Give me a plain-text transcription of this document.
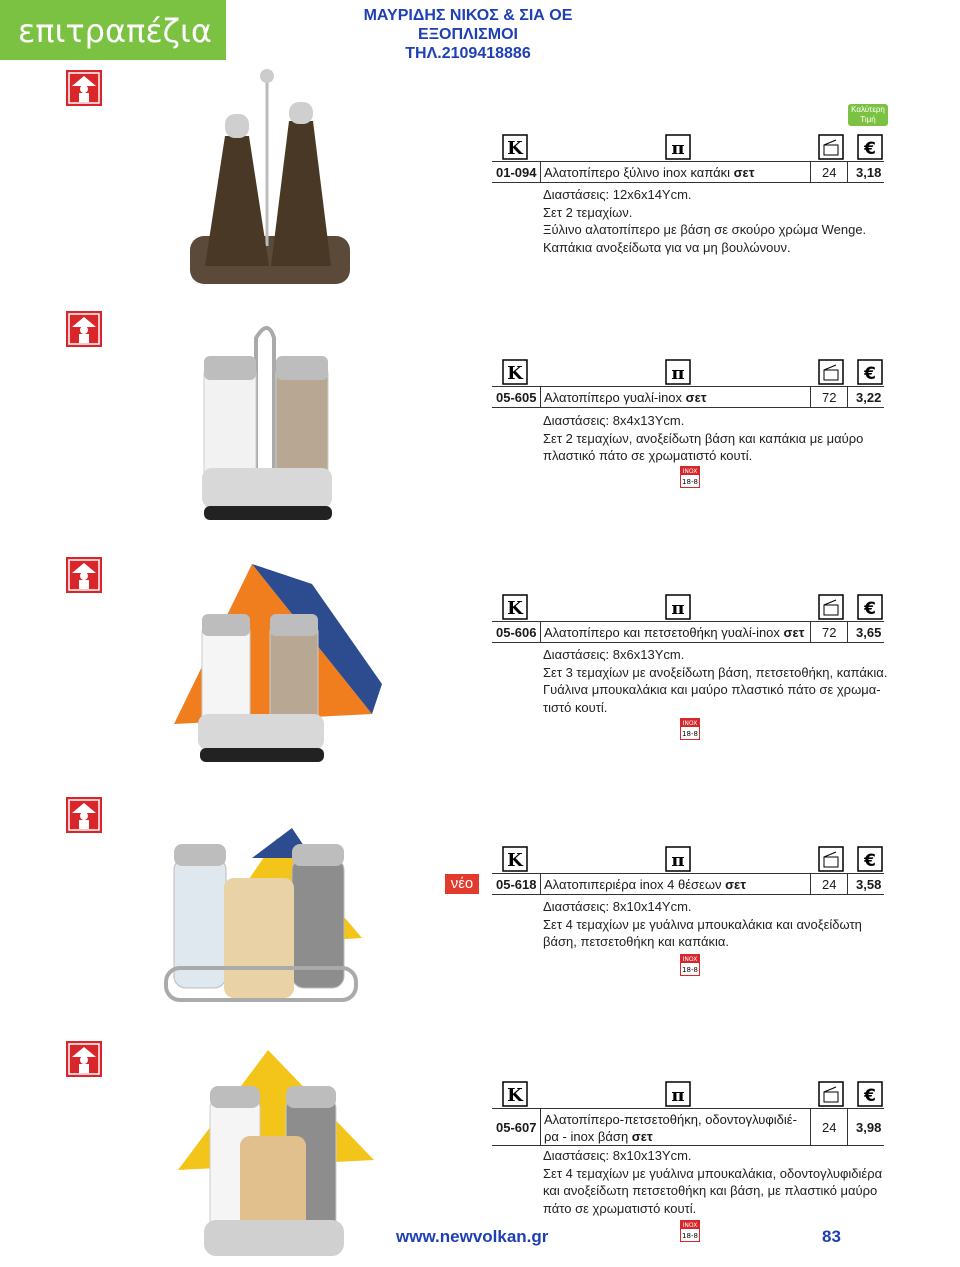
επιτραπέζια	ΜΑΥΡΙΔΗΣ ΝΙΚΟΣ & ΣΙΑ ΟΕ
ΕΞΟΠΛΙΣΜΟΙ
ΤΗΛ.2109418886
Καλύτερη
Τιμή
K	π	€
01-094 Αλατοπίπερο ξύλινο inox καπάκι σετ	24 3,18
Διαστάσεις: 12x6x14Υcm.
Σετ 2 τεμαχίων.
Ξύλινο αλατοπίπερο με βάση σε σκούρο χρώμα Wenge.
Καπάκια ανοξείδωτα για να μη βουλώνουν.
K	π	€
05-605 Αλατοπίπερο γυαλί-inox σετ	72 3,22
Διαστάσεις: 8x4x13Υcm.
Σετ 2 τεμαχίων, ανοξείδωτη βάση και καπάκια με μαύρο
πλαστικό πάτο σε χρωματιστό κουτί.
INOX
18-8
K	π	€
05-606 Αλατοπίπερο και πετσετοθήκη γυαλί-inox σετ 72 3,65
Διαστάσεις: 8x6x13Υcm.
Σετ 3 τεμαχίων με ανοξείδωτη βάση, πετσετοθήκη, καπάκια.
Γυάλινα μπουκαλάκια και μαύρο πλαστικό πάτο σε χρωμα-
τιστό κουτί.
INOX
18-8
νέο
K	π	€
05-618 Αλατοπιπεριέρα inox 4 θέσεων σετ	24 3,58
Διαστάσεις: 8x10x14Υcm.
Σετ 4 τεμαχίων με γυάλινα μπουκαλάκια και ανοξείδωτη
βάση, πετσετοθήκη και καπάκια.
INOX
18-8
K	π	€
05-607
Αλατοπίπερο-πετσετοθήκη, οδοντογλυφιδιέ-
ρα - inox βάση σετ
24 3,98
Διαστάσεις: 8x10x13Υcm.
Σετ 4 τεμαχίων με γυάλινα μπουκαλάκια, οδοντογλυφιδιέρα
και ανοξείδωτη πετσετοθήκη και βάση, με πλαστικό μαύρο
πάτο σε χρωματιστό κουτί.
INOX
18-8
www.newvolkan.gr	83
